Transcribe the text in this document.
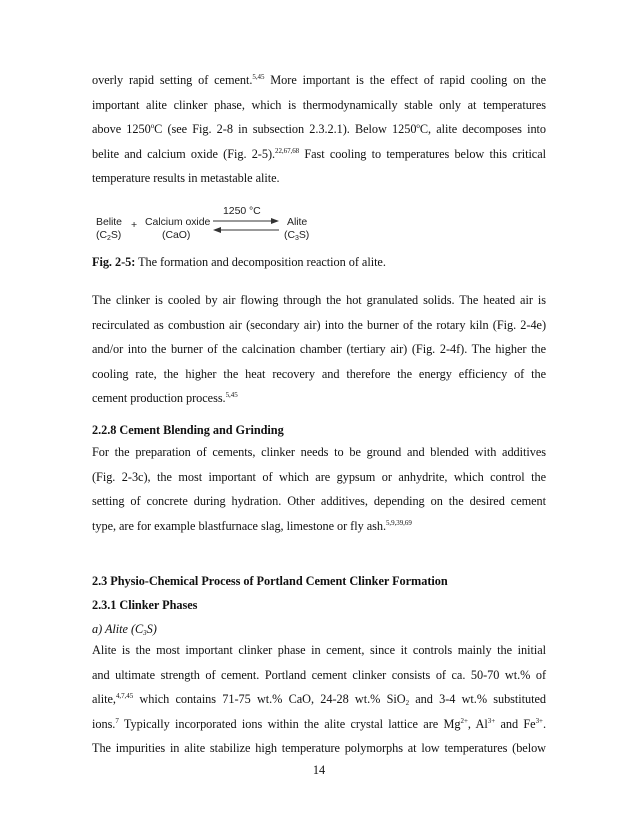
overly rapid setting of cement.$^{5,45}$ More important is the effect of rapid cooling on the

important alite clinker phase, which is thermodynamically stable only at temperatures

above 1250$^o$C (see Fig. 2-8 in subsection 2.3.2.1). Below 1250$^o$C, alite decomposes into

belite and calcium oxide (Fig. 2-5).$^{22,67,68}$ Fast cooling to temperatures below this critical

temperature results in metastable alite.

Belite
$(C_2S)$
+ Calcium oxide
(CaO)
1250 °C
Alite
$(C_3S)$
Fig. 2-5: The formation and decomposition reaction of alite.

The clinker is cooled by air flowing through the hot granulated solids. The heated air is

recirculated as combustion air (secondary air) into the burner of the rotary kiln (Fig. 2-4e)

and/or into the burner of the calcination chamber (tertiary air) (Fig. 2-4f). The higher the

cooling rate, the higher the heat recovery and therefore the energy efficiency of the

cement production process.$^{5,45}$

2.2.8 Cement Blending and Grinding

For the preparation of cements, clinker needs to be ground and blended with additives

(Fig. 2-3c), the most important of which are gypsum or anhydrite, which control the

setting of concrete during hydration. Other additives, depending on the desired cement

type, are for example blastfurnace slag, limestone or fly ash.$^{5,9,39,69}$

2.3 Physio-Chemical Process of Portland Cement Clinker Formation
2.3.1 Clinker Phases
a) Alite $(C_3S)$

Alite is the most important clinker phase in cement, since it controls mainly the initial

and ultimate strength of cement. Portland cement clinker consists of ca. 50-70 wt.% of

alite,$^{4,7,45}$ which contains 71-75 wt.% CaO, 24-28 wt.% SiO$_2$ and 3-4 wt.% substituted

ions.$^7$ Typically incorporated ions within the alite crystal lattice are $Mg^{2+}$, $Al^{3+}$ and $Fe^{3+}$.

The impurities in alite stabilize high temperature polymorphs at low temperatures (below

14
